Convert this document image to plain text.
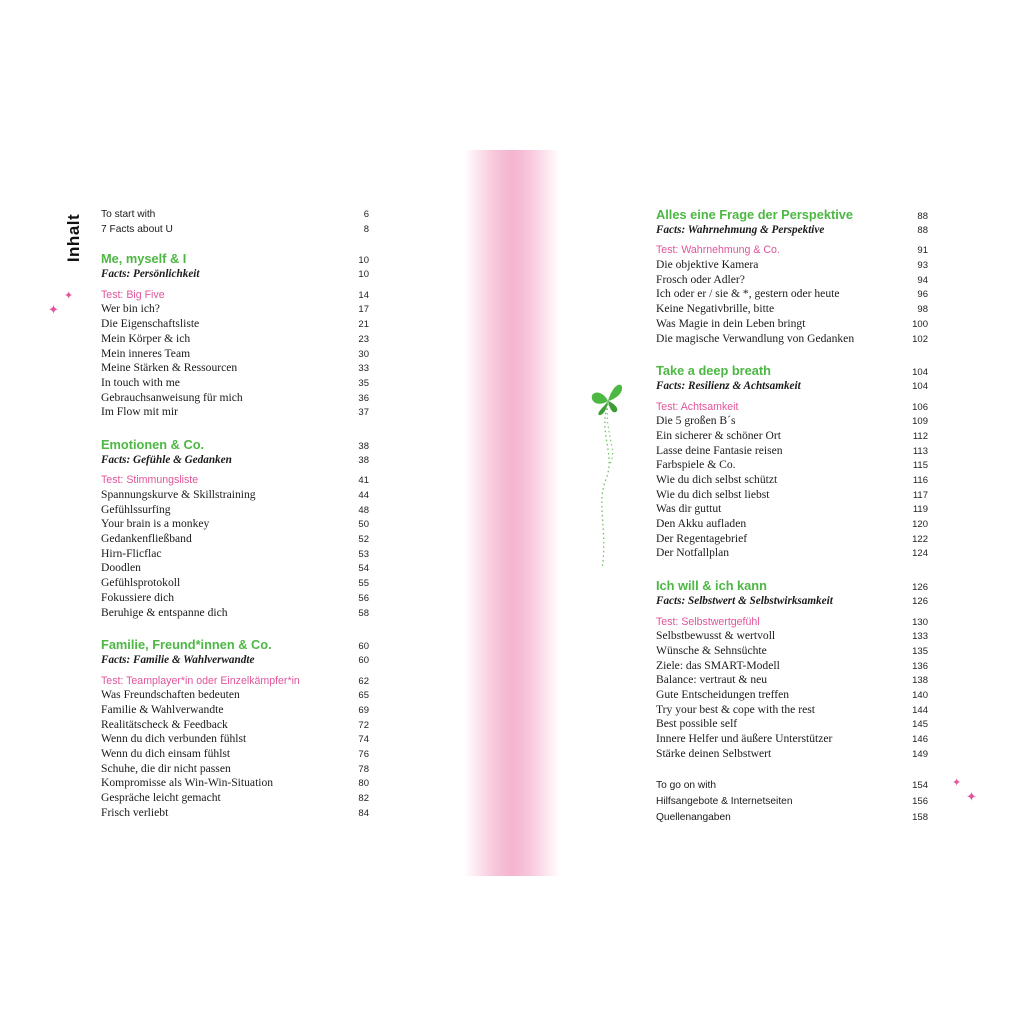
Inhalt
✦
✦
✦
✦
To start with	6
7 Facts about U	8
Me, myself & I	10
Facts: Persönlichkeit	10
Test: Big Five	14
Wer bin ich?	17
Die Eigenschaftsliste	21
Mein Körper & ich	23
Mein inneres Team	30
Meine Stärken & Ressourcen	33
In touch with me	35
Gebrauchsanweisung für mich	36
Im Flow mit mir	37
Emotionen & Co.	38
Facts: Gefühle & Gedanken	38
Test: Stimmungsliste	41
Spannungskurve & Skillstraining	44
Gefühlssurfing	48
Your brain is a monkey	50
Gedankenfließband	52
Hirn-Flicflac	53
Doodlen	54
Gefühlsprotokoll	55
Fokussiere dich	56
Beruhige & entspanne dich	58
Familie, Freund*innen & Co.	60
Facts: Familie & Wahlverwandte	60
Test: Teamplayer*in oder Einzelkämpfer*in	62
Was Freundschaften bedeuten	65
Familie & Wahlverwandte	69
Realitätscheck & Feedback	72
Wenn du dich verbunden fühlst	74
Wenn du dich einsam fühlst	76
Schuhe, die dir nicht passen	78
Kompromisse als Win-Win-Situation	80
Gespräche leicht gemacht	82
Frisch verliebt	84
Alles eine Frage der Perspektive	88
Facts: Wahrnehmung & Perspektive	88
Test: Wahrnehmung & Co.	91
Die objektive Kamera	93
Frosch oder Adler?	94
Ich oder er / sie & *, gestern oder heute	96
Keine Negativbrille, bitte	98
Was Magie in dein Leben bringt	100
Die magische Verwandlung von Gedanken	102
Take a deep breath	104
Facts: Resilienz & Achtsamkeit	104
Test: Achtsamkeit	106
Die 5 großen B´s	109
Ein sicherer & schöner Ort	112
Lasse deine Fantasie reisen	113
Farbspiele & Co.	115
Wie du dich selbst schützt	116
Wie du dich selbst liebst	117
Was dir guttut	119
Den Akku aufladen	120
Der Regentagebrief	122
Der Notfallplan	124
Ich will & ich kann	126
Facts: Selbstwert & Selbstwirksamkeit	126
Test: Selbstwertgefühl	130
Selbstbewusst & wertvoll	133
Wünsche & Sehnsüchte	135
Ziele: das SMART-Modell	136
Balance: vertraut & neu	138
Gute Entscheidungen treffen	140
Try your best & cope with the rest	144
Best possible self	145
Innere Helfer und äußere Unterstützer	146
Stärke deinen Selbstwert	149
To go on with	154
Hilfsangebote & Internetseiten	156
Quellenangaben	158
